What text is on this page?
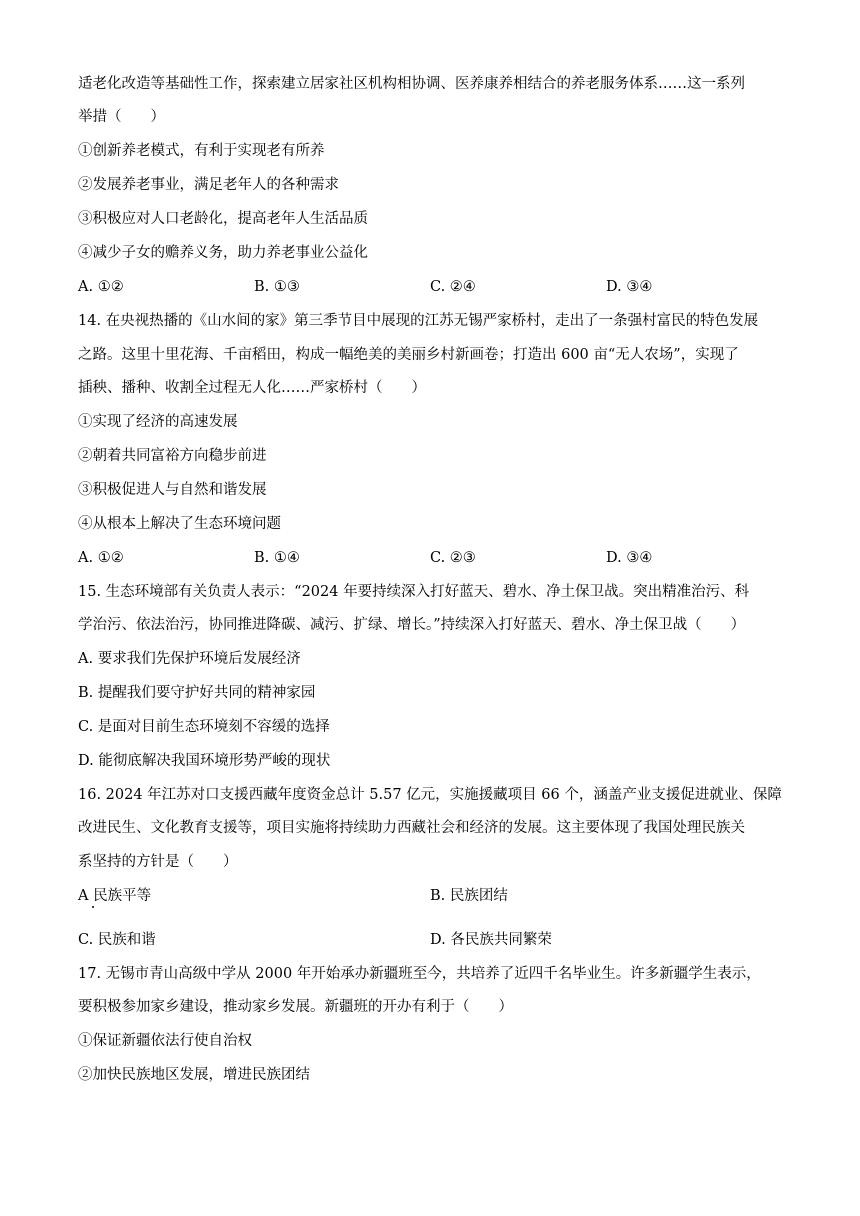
适老化改造等基础性工作，探索建立居家社区机构相协调、医养康养相结合的养老服务体系……这一系列
举措（　　）
①创新养老模式，有利于实现老有所养
②发展养老事业，满足老年人的各种需求
③积极应对人口老龄化，提高老年人生活品质
④减少子女的赡养义务，助力养老事业公益化
A. ①②	B. ①③	C. ②④	D. ③④
14. 在央视热播的《山水间的家》第三季节目中展现的江苏无锡严家桥村，走出了一条强村富民的特色发展
之路。这里十里花海、千亩稻田，构成一幅绝美的美丽乡村新画卷；打造出 600 亩“无人农场”，实现了
插秧、播种、收割全过程无人化……严家桥村（　　）
①实现了经济的高速发展
②朝着共同富裕方向稳步前进
③积极促进人与自然和谐发展
④从根本上解决了生态环境问题
A. ①②	B. ①④	C. ②③	D. ③④
15. 生态环境部有关负责人表示：“2024 年要持续深入打好蓝天、碧水、净土保卫战。突出精准治污、科
学治污、依法治污，协同推进降碳、减污、扩绿、增长。”持续深入打好蓝天、碧水、净土保卫战（　　）
A. 要求我们先保护环境后发展经济
B. 提醒我们要守护好共同的精神家园
C. 是面对目前生态环境刻不容缓的选择
D. 能彻底解决我国环境形势严峻的现状
16. 2024 年江苏对口支援西藏年度资金总计 5.57 亿元，实施援藏项目 66 个，涵盖产业支援促进就业、保障
改进民生、文化教育支援等，项目实施将持续助力西藏社会和经济的发展。这主要体现了我国处理民族关
系坚持的方针是（　　）
A 民族平等	B. 民族团结
C. 民族和谐	D. 各民族共同繁荣
17. 无锡市青山高级中学从 2000 年开始承办新疆班至今，共培养了近四千名毕业生。许多新疆学生表示，
要积极参加家乡建设，推动家乡发展。新疆班的开办有利于（　　）
①保证新疆依法行使自治权
②加快民族地区发展，增进民族团结
